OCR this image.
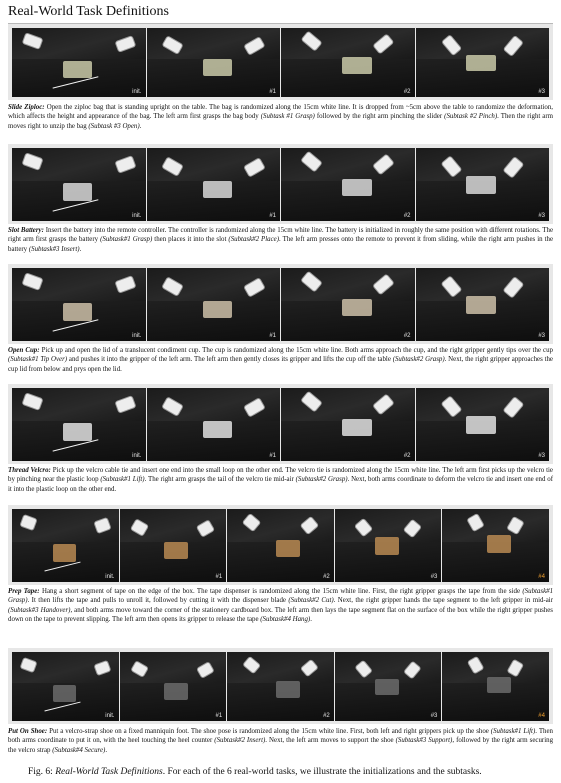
Real-World Task Definitions
init.	#1	#2	#3
Slide Ziploc: Open the ziploc bag that is standing upright on the table. The bag is randomized along the 15cm white line. It is dropped from ~5cm above the table to randomize the deformation, which affects the height and appearance of the bag. The left arm first grasps the bag body (Subtask #1 Grasp) followed by the right arm pinching the slider (Subtask #2 Pinch). Then the right arm moves right to unzip the bag (Subtask #3 Open).
init.	#1	#2	#3
Slot Battery: Insert the battery into the remote controller. The controller is randomized along the 15cm white line. The battery is initialized in roughly the same position with different rotations. The right arm first grasps the battery (Subtask#1 Grasp) then places it into the slot (Subtask#2 Place). The left arm presses onto the remote to prevent it from sliding, while the right arm pushes in the battery (Subtask#3 Insert).
init.	#1	#2	#3
Open Cup: Pick up and open the lid of a translucent condiment cup. The cup is randomized along the 15cm white line. Both arms approach the cup, and the right gripper gently tips over the cup (Subtask#1 Tip Over) and pushes it into the gripper of the left arm. The left arm then gently closes its gripper and lifts the cup off the table (Subtask#2 Grasp). Next, the right gripper approaches the cup lid from below and prys open the lid.
init.	#1	#2	#3
Thread Velcro: Pick up the velcro cable tie and insert one end into the small loop on the other end. The velcro tie is randomized along the 15cm white line. The left arm first picks up the velcro tie by pinching near the plastic loop (Subtask#1 Lift). The right arm grasps the tail of the velcro tie mid-air (Subtask#2 Grasp). Next, both arms coordinate to deform the velcro tie and insert one end of it into the plastic loop on the other end.
init.	#1	#2	#3	#4
Prep Tape: Hang a short segment of tape on the edge of the box. The tape dispenser is randomized along the 15cm white line. First, the right gripper grasps the tape from the side (Subtask#1 Grasp). It then lifts the tape and pulls to unroll it, followed by cutting it with the dispenser blade (Subtask#2 Cut). Next, the right gripper hands the tape segment to the left gripper in mid-air (Subtask#3 Handover), and both arms move toward the corner of the stationery cardboard box. The left arm then lays the tape segment flat on the surface of the box while the right gripper pushes down on the tape to prevent slipping. The left arm then opens its gripper to release the tape (Subtask#4 Hang).
init.	#1	#2	#3	#4
Put On Shoe: Put a velcro-strap shoe on a fixed manniquin foot. The shoe pose is randomized along the 15cm white line. First, both left and right grippers pick up the shoe (Subtask#1 Lift). Then both arms coordinate to put it on, with the heel touching the heel counter (Subtask#2 Insert). Next, the left arm moves to support the shoe (Subtask#3 Support), followed by the right arm securing the velcro strap (Subtask#4 Secure).
Fig. 6: Real-World Task Definitions. For each of the 6 real-world tasks, we illustrate the initializations and the subtasks.
